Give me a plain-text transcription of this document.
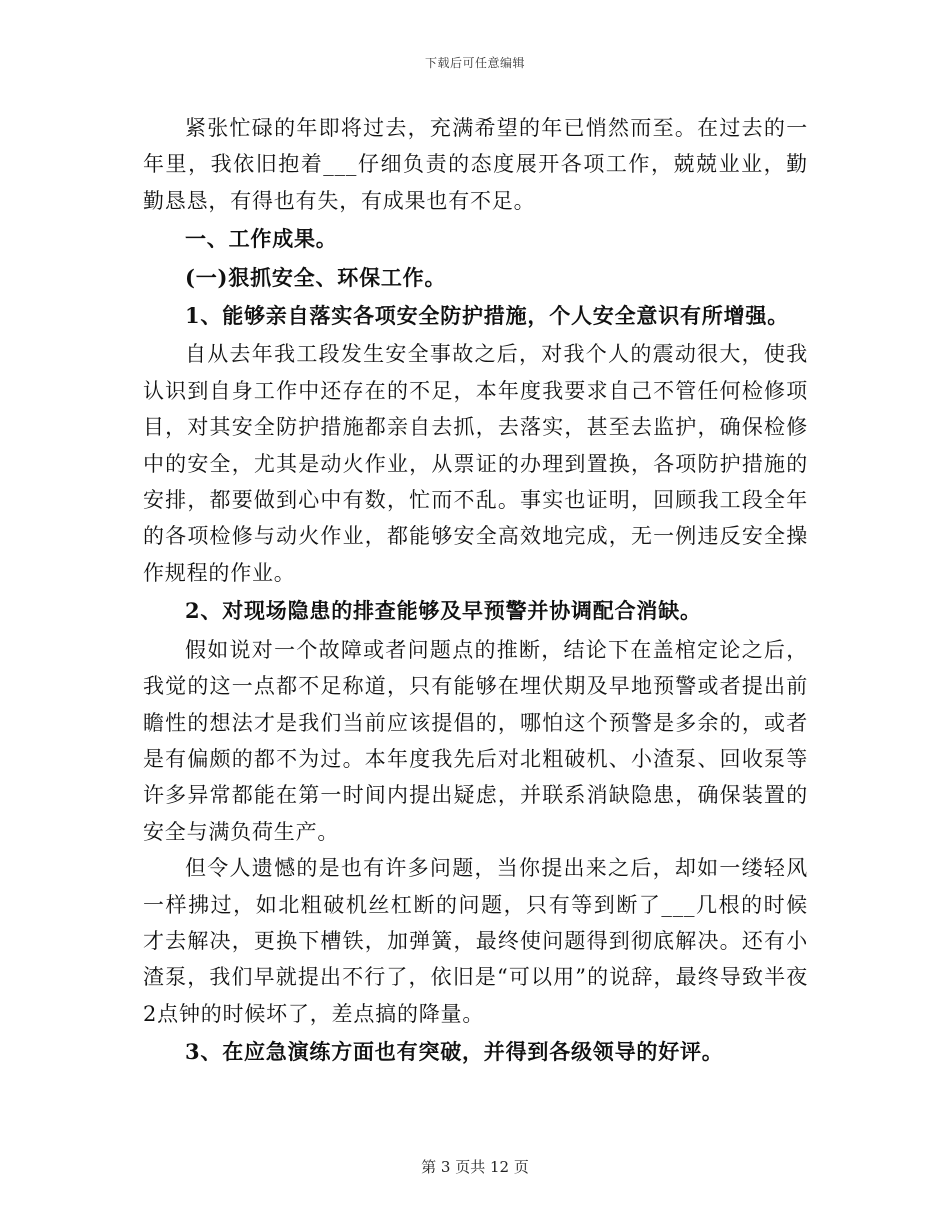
下载后可任意编辑

紧张忙碌的年即将过去，充满希望的年已悄然而至。在过去的一年里，我依旧抱着___仔细负责的态度展开各项工作，兢兢业业，勤勤恳恳，有得也有失，有成果也有不足。

一、工作成果。

(一)狠抓安全、环保工作。

1、能够亲自落实各项安全防护措施，个人安全意识有所增强。

自从去年我工段发生安全事故之后，对我个人的震动很大，使我认识到自身工作中还存在的不足，本年度我要求自己不管任何检修项目，对其安全防护措施都亲自去抓，去落实，甚至去监护，确保检修中的安全，尤其是动火作业，从票证的办理到置换，各项防护措施的安排，都要做到心中有数，忙而不乱。事实也证明，回顾我工段全年的各项检修与动火作业，都能够安全高效地完成，无一例违反安全操作规程的作业。

2、对现场隐患的排查能够及早预警并协调配合消缺。

假如说对一个故障或者问题点的推断，结论下在盖棺定论之后，我觉的这一点都不足称道，只有能够在埋伏期及早地预警或者提出前瞻性的想法才是我们当前应该提倡的，哪怕这个预警是多余的，或者是有偏颇的都不为过。本年度我先后对北粗破机、小渣泵、回收泵等许多异常都能在第一时间内提出疑虑，并联系消缺隐患，确保装置的安全与满负荷生产。

但令人遗憾的是也有许多问题，当你提出来之后，却如一缕轻风一样拂过，如北粗破机丝杠断的问题，只有等到断了___几根的时候才去解决，更换下槽铁，加弹簧，最终使问题得到彻底解决。还有小渣泵，我们早就提出不行了，依旧是“可以用”的说辞，最终导致半夜2点钟的时候坏了，差点搞的降量。

3、在应急演练方面也有突破，并得到各级领导的好评。

第 3 页共 12 页
